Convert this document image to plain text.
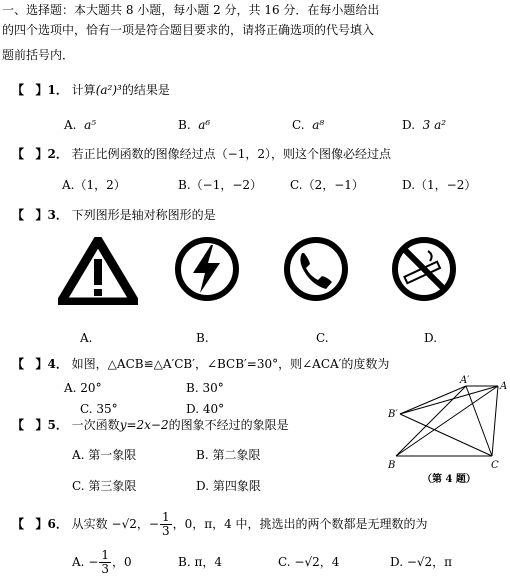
一、选择题：本大题共 8 小题，每小题 2 分，共 16 分．在每小题给出
的四个选项中，恰有一项是符合题目要求的，请将正确选项的代号填入
题前括号内．
【 】1． 计算(a²)³的结果是
A. a⁵	B. a⁶	C. a⁸	D. 3 a²
【 】2． 若正比例函数的图像经过点（−1，2），则这个图像必经过点
A.（1，2）	B.（−1，−2） C.（2，−1）	D.（1，−2）
【 】3． 下列图形是轴对称图形的是
A.	B.	C.	D.
【 】4． 如图，△ACB≌△A′CB′，∠BCB′=30°，则∠ACA′的度数为
A. 20°	B. 30°
C. 35°	D. 40°
A′
A
B′
B	C
（第 4 题）
【 】5． 一次函数y=2x−2的图象不经过的象限是
A. 第一象限	B. 第二象限
C. 第三象限	D. 第四象限
【 】6． 从实数 −√2，− $\frac{1}{3}$ ，0，π，4 中，挑选出的两个数都是无理数的为
A. − $\frac{1}{3}$ ，0	B. π，4	C. −√2，4	D. −√2，π
